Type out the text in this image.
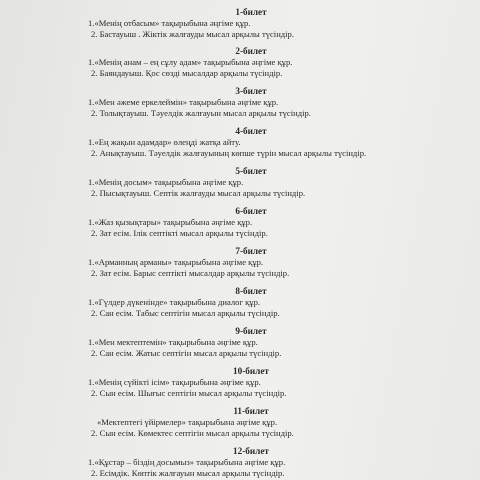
1-билет
1.«Менің отбасым» тақырыбына әңгіме құр.
2. Бастауыш . Жіктік жалғауды мысал арқылы түсіндір.
2-билет
1.«Менің анам – ең сұлу адам» тақырыбына әңгіме құр.
2. Баяндауыш. Қос сөзді мысалдар арқылы түсіндір.
3-билет
1.«Мен әжеме еркелеймін» тақырыбына әңгіме құр.
2. Толықтауыш. Тәуелдік жалғауын мысал арқылы түсіндір.
4-билет
1.«Ең жақын адамдар» өлеңді жатқа айту.
2. Анықтауыш. Тәуелдік жалғауының көпше түрін мысал арқылы түсіндір.
5-билет
1.«Менің досым» тақырыбына әңгіме құр.
2. Пысықтауыш. Септік жалғауды мысал арқылы түсіндір.
6-билет
1.«Жаз қызықтары» тақырыбына әңгіме құр.
2. Зат есім. Ілік септікті мысал арқылы түсіндір.
7-билет
1.«Арманның арманы» тақырыбына әңгіме құр.
2. Зат есім. Барыс септікті мысалдар арқылы түсіндір.
8-билет
1.«Гүлдер дүкенінде» тақырыбына диалог құр.
2. Сан есім. Табыс септігін мысал арқылы түсіндір.
9-билет
1.«Мен мектептемін» тақырыбына әңгіме құр.
2. Сан есім. Жатыс септігін мысал арқылы түсіндір.
10-билет
1.«Менің сүйікті ісім» тақырыбына әңгіме құр.
2. Сын есім. Шығыс септігін мысал арқылы түсіндір.
11-билет
«Мектептегі үйірмелер» тақырыбына әңгіме құр.
2. Сын есім. Көмектес септігін мысал арқылы түсіндір.
12-билет
1.«Құстар – біздің досымыз» тақырыбына әңгіме құр.
2. Есімдік. Көптік жалғауын мысал арқылы түсіндір.
